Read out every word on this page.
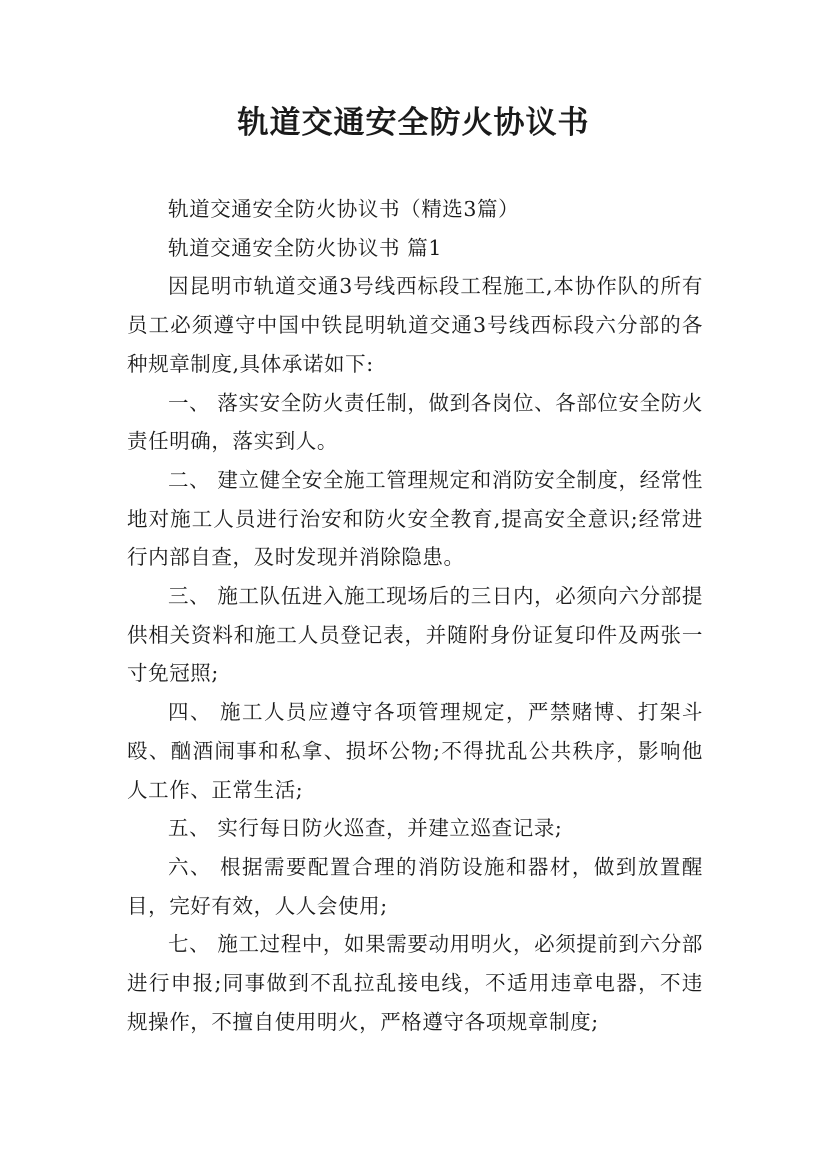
轨道交通安全防火协议书

轨道交通安全防火协议书（精选3篇）

轨道交通安全防火协议书 篇1

因昆明市轨道交通3号线西标段工程施工,本协作队的所有员工必须遵守中国中铁昆明轨道交通3号线西标段六分部的各种规章制度,具体承诺如下:

一、 落实安全防火责任制，做到各岗位、各部位安全防火责任明确，落实到人。

二、 建立健全安全施工管理规定和消防安全制度，经常性地对施工人员进行治安和防火安全教育,提高安全意识;经常进行内部自查，及时发现并消除隐患。

三、 施工队伍进入施工现场后的三日内，必须向六分部提供相关资料和施工人员登记表，并随附身份证复印件及两张一寸免冠照;

四、 施工人员应遵守各项管理规定，严禁赌博、打架斗殴、酗酒闹事和私拿、损坏公物;不得扰乱公共秩序，影响他人工作、正常生活;

五、 实行每日防火巡查，并建立巡查记录;

六、 根据需要配置合理的消防设施和器材，做到放置醒目，完好有效，人人会使用;

七、 施工过程中，如果需要动用明火，必须提前到六分部进行申报;同事做到不乱拉乱接电线，不适用违章电器，不违规操作，不擅自使用明火，严格遵守各项规章制度;
